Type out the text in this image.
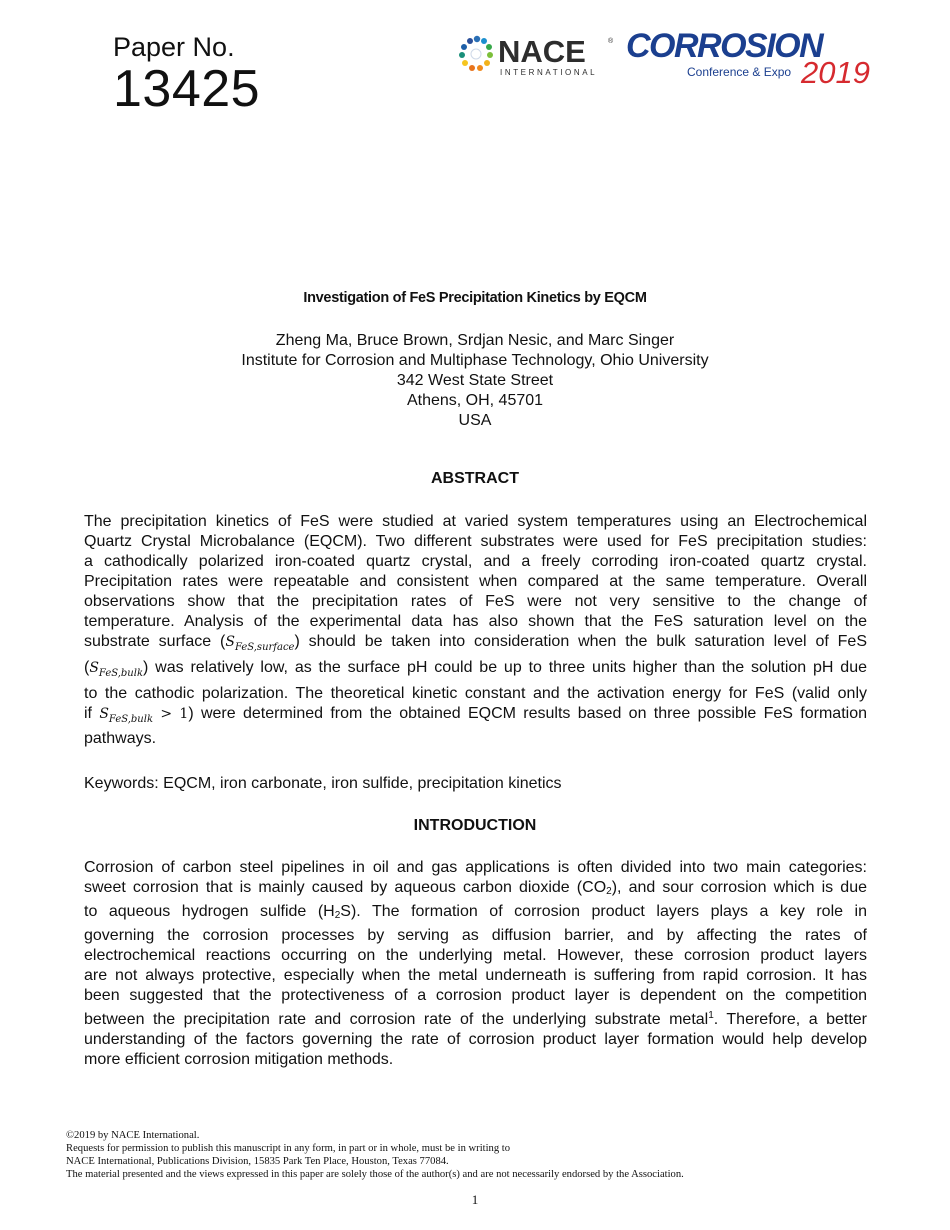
Paper No.
13425
NACE	®
INTERNATIONAL
CORROSION
Conference & Expo 2019
Investigation of FeS Precipitation Kinetics by EQCM
Zheng Ma, Bruce Brown, Srdjan Nesic, and Marc Singer
Institute for Corrosion and Multiphase Technology, Ohio University
342 West State Street
Athens, OH, 45701
USA
ABSTRACT
The precipitation kinetics of FeS were studied at varied system temperatures using an Electrochemical
Quartz Crystal Microbalance (EQCM). Two different substrates were used for FeS precipitation studies:
a cathodically polarized iron-coated quartz crystal, and a freely corroding iron-coated quartz crystal.
Precipitation rates were repeatable and consistent when compared at the same temperature. Overall
observations show that the precipitation rates of FeS were not very sensitive to the change of
temperature. Analysis of the experimental data has also shown that the FeS saturation level on the
substrate surface $(S_{FeS,surface})$ should be taken into consideration when the bulk saturation level of FeS
$(S_{FeS,bulk})$ was relatively low, as the surface pH could be up to three units higher than the solution pH due
to the cathodic polarization. The theoretical kinetic constant and the activation energy for FeS (valid only
if $S_{FeS,bulk} > 1$) were determined from the obtained EQCM results based on three possible FeS formation
pathways.
Keywords: EQCM, iron carbonate, iron sulfide, precipitation kinetics
INTRODUCTION
Corrosion of carbon steel pipelines in oil and gas applications is often divided into two main categories:
sweet corrosion that is mainly caused by aqueous carbon dioxide $(CO_2)$, and sour corrosion which is due
to aqueous hydrogen sulfide $(H_2S)$. The formation of corrosion product layers plays a key role in
governing the corrosion processes by serving as diffusion barrier, and by affecting the rates of
electrochemical reactions occurring on the underlying metal. However, these corrosion product layers
are not always protective, especially when the metal underneath is suffering from rapid corrosion. It has
been suggested that the protectiveness of a corrosion product layer is dependent on the competition
between the precipitation rate and corrosion rate of the underlying substrate metal$^1$. Therefore, a better
understanding of the factors governing the rate of corrosion product layer formation would help develop
more efficient corrosion mitigation methods.
©2019 by NACE International.
Requests for permission to publish this manuscript in any form, in part or in whole, must be in writing to
NACE International, Publications Division, 15835 Park Ten Place, Houston, Texas 77084.
The material presented and the views expressed in this paper are solely those of the author(s) and are not necessarily endorsed by the Association.
1
